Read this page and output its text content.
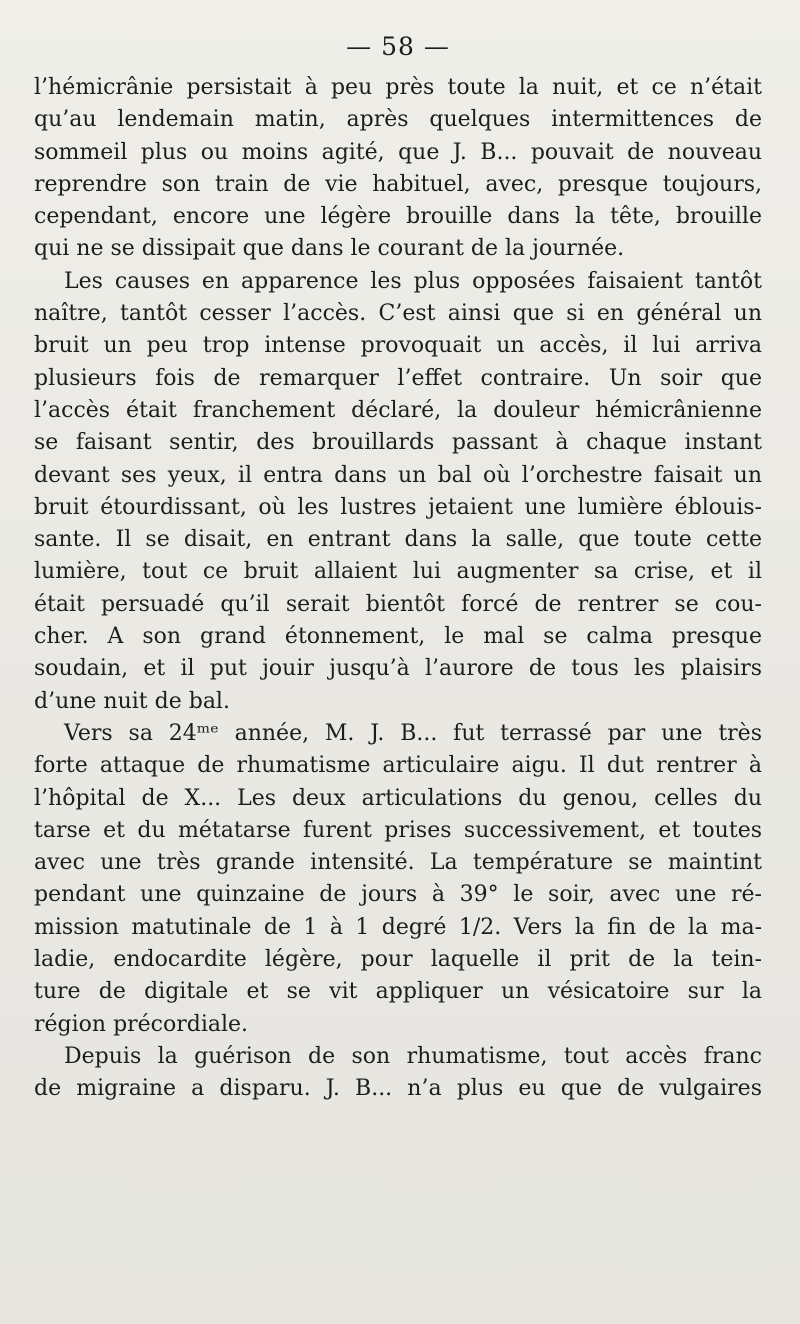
— 58 —
l’hémicrânie persistait à peu près toute la nuit, et ce n’était
qu’au lendemain matin, après quelques intermittences de
sommeil plus ou moins agité, que J. B... pouvait de nouveau
reprendre son train de vie habituel, avec, presque toujours,
cependant, encore une légère brouille dans la tête, brouille
qui ne se dissipait que dans le courant de la journée.
Les causes en apparence les plus opposées faisaient tantôt
naître, tantôt cesser l’accès. C’est ainsi que si en général un
bruit un peu trop intense provoquait un accès, il lui arriva
plusieurs fois de remarquer l’effet contraire. Un soir que
l’accès était franchement déclaré, la douleur hémicrânienne
se faisant sentir, des brouillards passant à chaque instant
devant ses yeux, il entra dans un bal où l’orchestre faisait un
bruit étourdissant, où les lustres jetaient une lumière éblouis-
sante. Il se disait, en entrant dans la salle, que toute cette
lumière, tout ce bruit allaient lui augmenter sa crise, et il
était persuadé qu’il serait bientôt forcé de rentrer se cou-
cher. A son grand étonnement, le mal se calma presque
soudain, et il put jouir jusqu’à l’aurore de tous les plaisirs
d’une nuit de bal.
Vers sa 24ᵐᵉ année, M. J. B... fut terrassé par une très
forte attaque de rhumatisme articulaire aigu. Il dut rentrer à
l’hôpital de X... Les deux articulations du genou, celles du
tarse et du métatarse furent prises successivement, et toutes
avec une très grande intensité. La température se maintint
pendant une quinzaine de jours à 39° le soir, avec une ré-
mission matutinale de 1 à 1 degré 1/2. Vers la fin de la ma-
ladie, endocardite légère, pour laquelle il prit de la tein-
ture de digitale et se vit appliquer un vésicatoire sur la
région précordiale.
Depuis la guérison de son rhumatisme, tout accès franc
de migraine a disparu. J. B... n’a plus eu que de vulgaires
